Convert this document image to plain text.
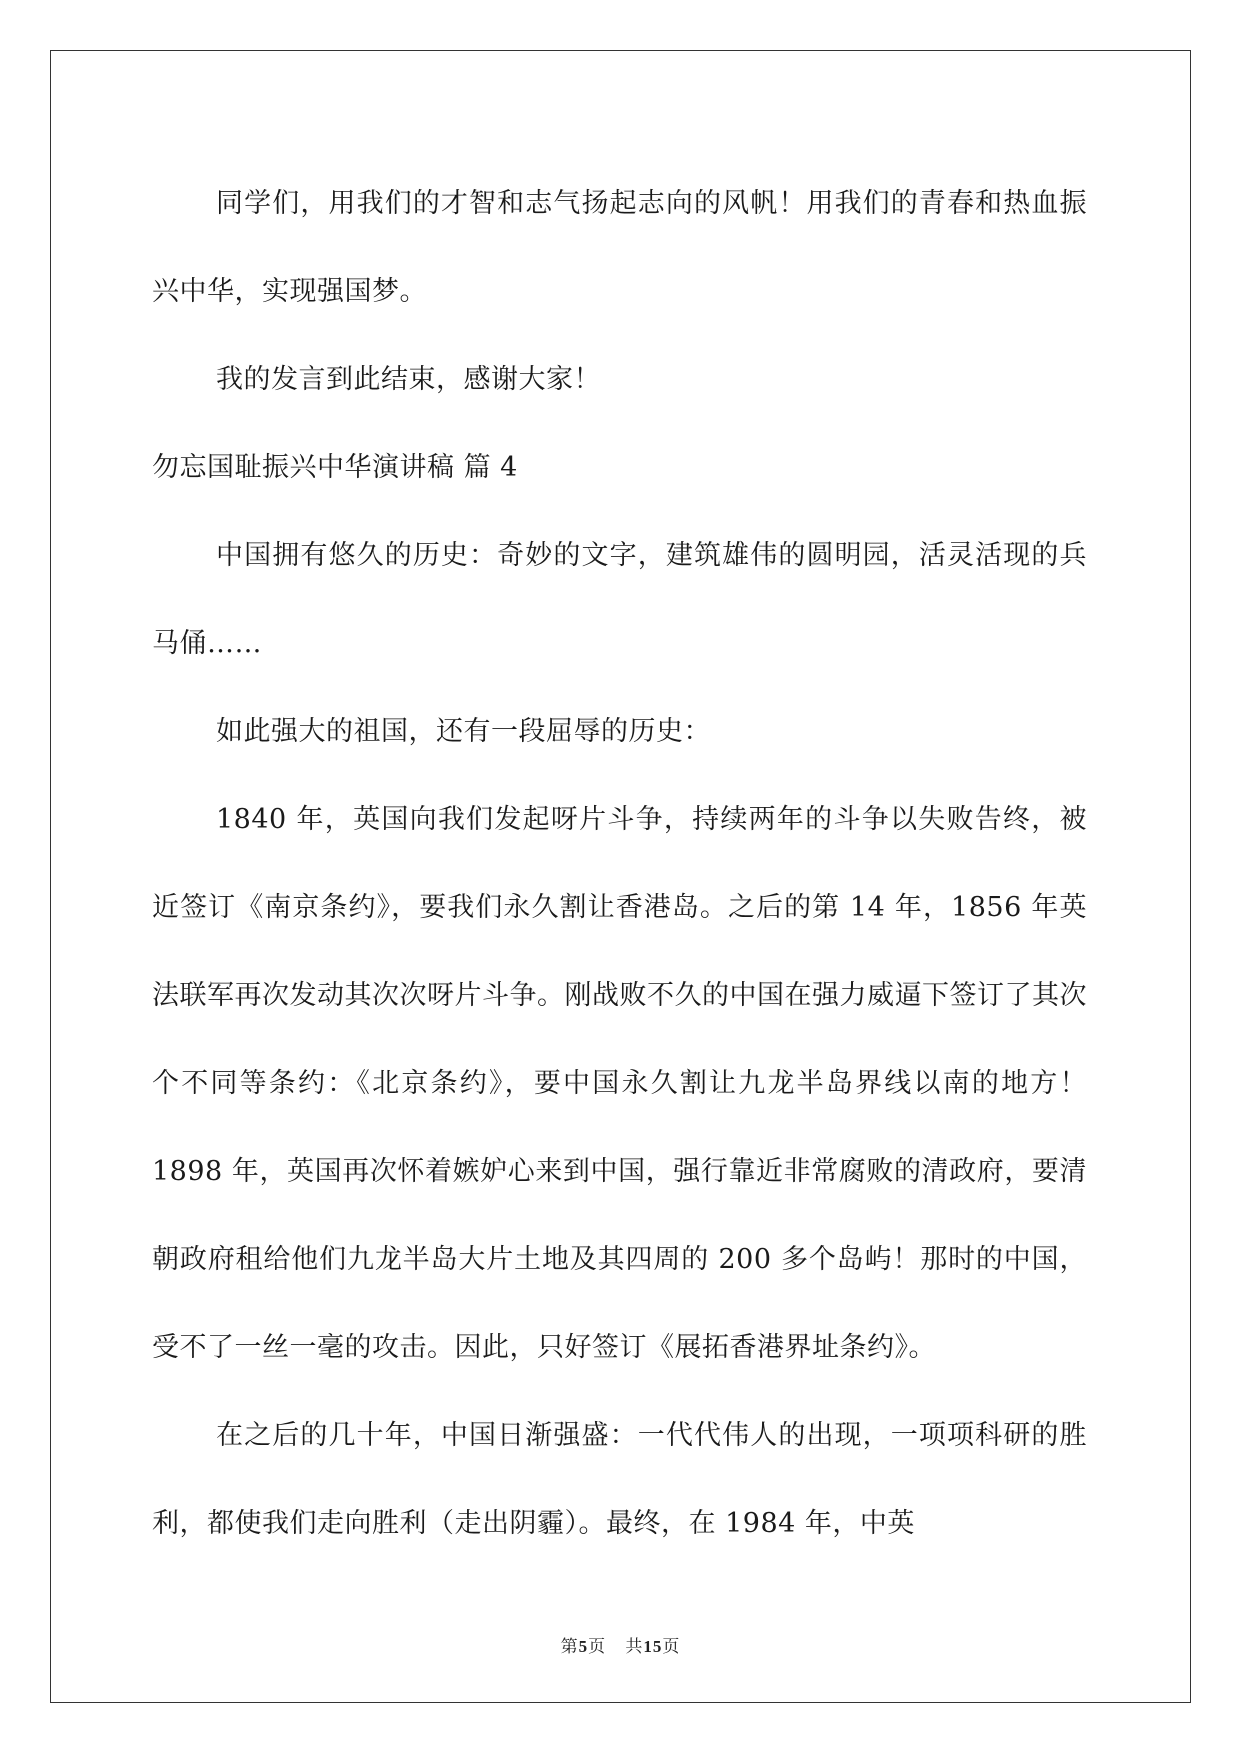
同学们，用我们的才智和志气扬起志向的风帆！用我们的青春和热血振兴中华，实现强国梦。

我的发言到此结束，感谢大家！

勿忘国耻振兴中华演讲稿 篇 4

中国拥有悠久的历史：奇妙的文字，建筑雄伟的圆明园，活灵活现的兵马俑……

如此强大的祖国，还有一段屈辱的历史：

1840 年，英国向我们发起呀片斗争，持续两年的斗争以失败告终，被近签订《南京条约》，要我们永久割让香港岛。之后的第 14 年，1856 年英法联军再次发动其次次呀片斗争。刚战败不久的中国在强力威逼下签订了其次个不同等条约：《北京条约》，要中国永久割让九龙半岛界线以南的地方！1898 年，英国再次怀着嫉妒心来到中国，强行靠近非常腐败的清政府，要清朝政府租给他们九龙半岛大片土地及其四周的 200 多个岛屿！那时的中国，受不了一丝一毫的攻击。因此，只好签订《展拓香港界址条约》。

在之后的几十年，中国日渐强盛：一代代伟人的出现，一项项科研的胜利，都使我们走向胜利（走出阴霾）。最终，在 1984 年，中英

第5页 共15页
